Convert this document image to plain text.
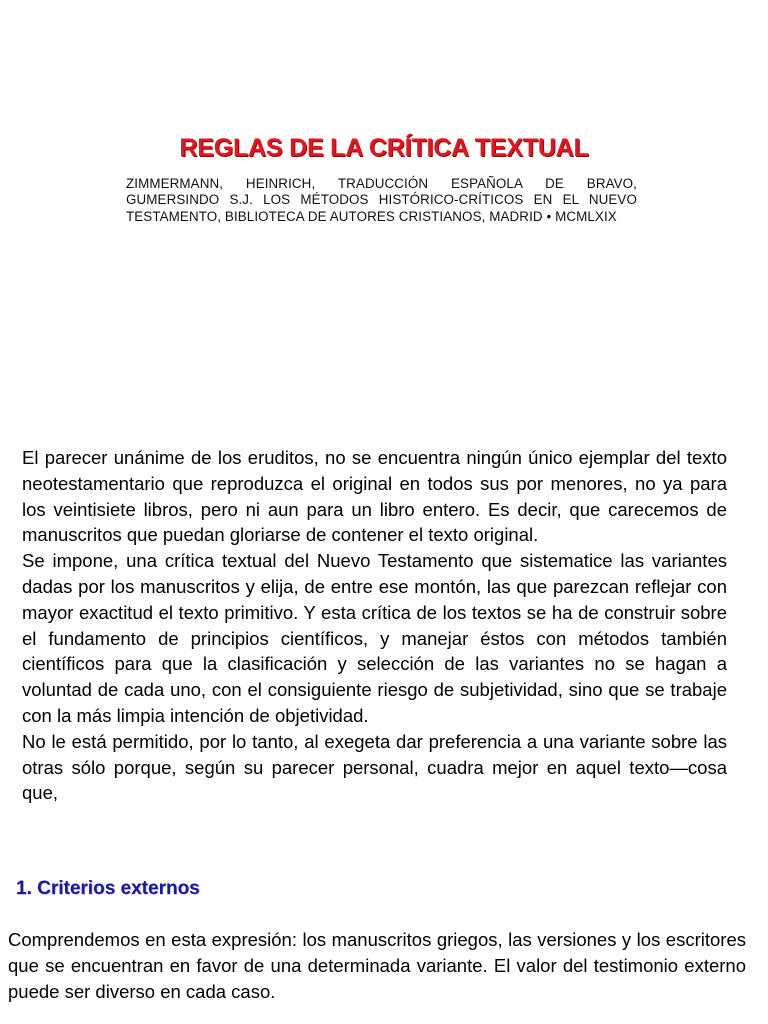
REGLAS DE LA CRÍTICA TEXTUAL

ZIMMERMANN, HEINRICH, TRADUCCIÓN ESPAÑOLA DE BRAVO, GUMERSINDO S.J. LOS MÉTODOS HISTÓRICO-CRÍTICOS EN EL NUEVO TESTAMENTO, BIBLIOTECA DE AUTORES CRISTIANOS, MADRID • MCMLXIX

El parecer unánime de los eruditos, no se encuentra ningún único ejemplar del texto neotestamentario que reproduzca el original en todos sus por menores, no ya para los veintisiete libros, pero ni aun para un libro entero. Es decir, que carecemos de manuscritos que puedan gloriarse de contener el texto original.

Se impone, una crítica textual del Nuevo Testamento que sistematice las variantes dadas por los manuscritos y elija, de entre ese montón, las que parezcan reflejar con mayor exactitud el texto primitivo. Y esta crítica de los textos se ha de construir sobre el fundamento de principios científicos, y manejar éstos con métodos también científicos para que la clasificación y selección de las variantes no se hagan a voluntad de cada uno, con el consiguiente riesgo de subjetividad, sino que se trabaje con la más limpia intención de objetividad.

No le está permitido, por lo tanto, al exegeta dar preferencia a una variante sobre las otras sólo porque, según su parecer personal, cuadra mejor en aquel texto—cosa que,

1. Criterios externos

Comprendemos en esta expresión: los manuscritos griegos, las versiones y los escritores que se encuentran en favor de una determinada variante. El valor del testimonio externo puede ser diverso en cada caso.
